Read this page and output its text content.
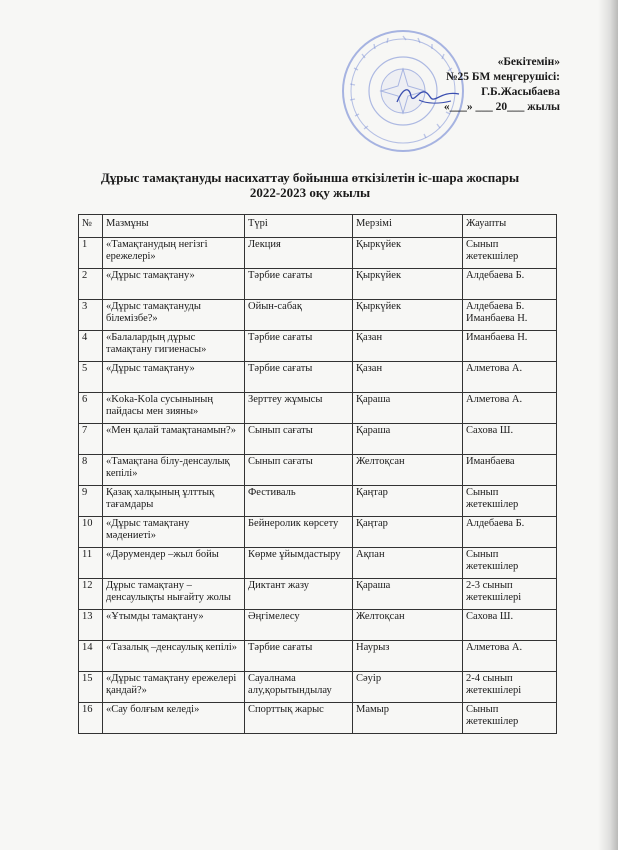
«Бекітемін»
№25 БМ меңгерушісі:
Г.Б.Жасыбаева
«___» ___ 20___ жылы
Дұрыс тамақтануды насихаттау бойынша өткізілетін іс-шара жоспары
2022-2023 оқу жылы
№	Мазмұны	Түрі	Мерзімі	Жауапты
1	«Тамақтанудың негізгі ережелері»	Лекция	Қыркүйек	Сынып жетекшілер
2	«Дұрыс тамақтану»	Тәрбие сағаты	Қыркүйек	Алдебаева Б.
3	«Дұрыс тамақтануды білемізбе?»	Ойын-сабақ	Қыркүйек	Алдебаева Б. Иманбаева Н.
4	«Балалардың дұрыс тамақтану гигиенасы»	Тәрбие сағаты	Қазан	Иманбаева Н.
5	«Дұрыс тамақтану»	Тәрбие сағаты	Қазан	Алметова А.
6	«Koka-Kola сусынының пайдасы мен зияны»	Зерттеу жұмысы	Қараша	Алметова А.
7	«Мен қалай тамақтанамын?»	Сынып сағаты	Қараша	Сахова Ш.
8	«Тамақтана білу-денсаулық кепілі»	Сынып сағаты	Желтоқсан	Иманбаева
9	Қазақ халқының ұлттық тағамдары	Фестиваль	Қаңтар	Сынып жетекшілер
10	«Дұрыс тамақтану мәдениеті»	Бейнеролик көрсету	Қаңтар	Алдебаева Б.
11	«Дәрумендер –жыл бойы	Көрме ұйымдастыру	Ақпан	Сынып жетекшілер
12	Дұрыс тамақтану –денсаулықты нығайту жолы	Диктант жазу	Қараша	2-3 сынып жетекшілері
13	«Ұтымды тамақтану»	Әңгімелесу	Желтоқсан	Сахова Ш.
14	«Тазалық –денсаулық кепілі»	Тәрбие сағаты	Наурыз	Алметова А.
15	«Дұрыс тамақтану ережелері қандай?»	Сауалнама алу,қорытындылау	Сәуір	2-4 сынып жетекшілері
16	«Сау болғым келеді»	Спорттық жарыс	Мамыр	Сынып жетекшілер
